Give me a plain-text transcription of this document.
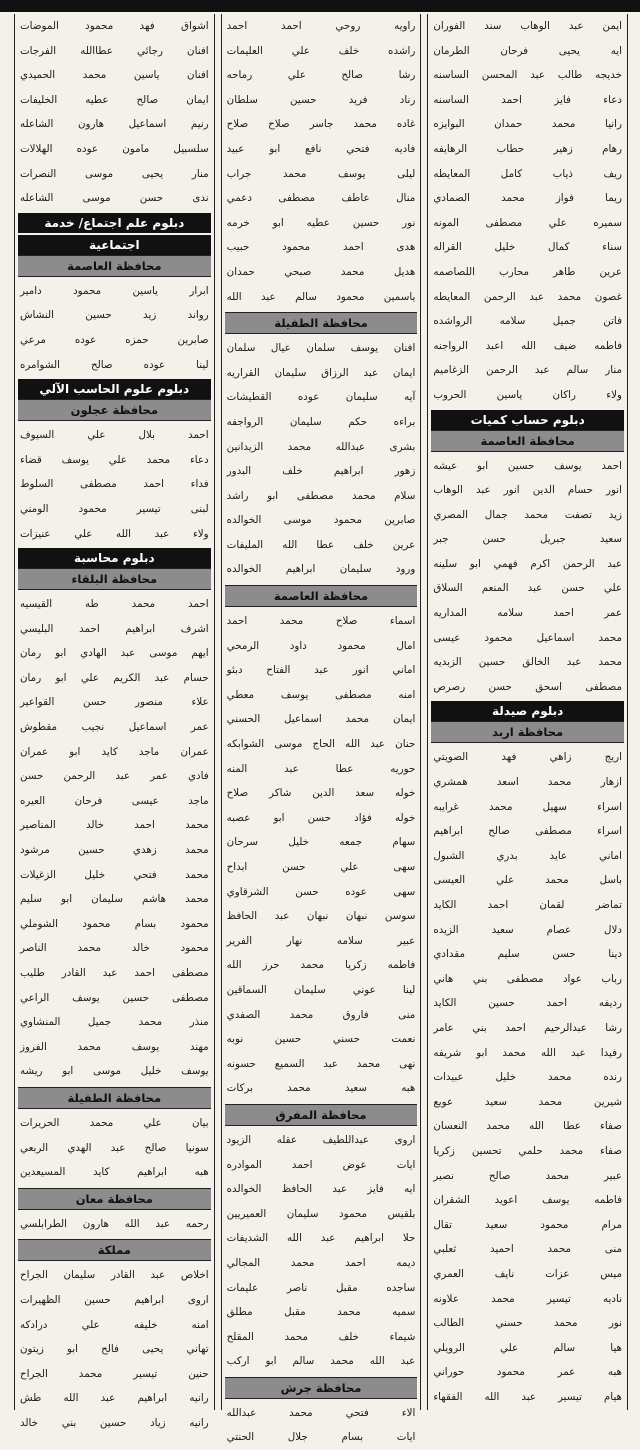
ايمن عبد الوهاب سند الفوران
ايه يحيى فرحان الطرمان
خديجه طالب عبد المحسن الساسنه
دعاء فايز احمد الساسنه
رانيا محمد حمدان البوايزه
رهام زهير حطاب الرهايفه
ريف ذياب كامل المعايطه
ريما فواز محمد الصمادي
سميره علي مصطفى المونه
سناء كمال خليل القراله
عرين طاهر محارب اللصاصمه
غصون محمد عبد الرحمن المعايطه
فاتن جميل سلامه الرواشده
فاطمه ضيف الله اعبد الرواجنه
منار سالم عبد الرحمن الزغاميم
ولاء راكان ياسين الحروب
دبلوم حساب كميات
محافظة العاصمة
احمد يوسف حسين ابو عيشه
انور حسام الدين انور عبد الوهاب
زيد تصفت محمد جمال المصري
سعيد جبريل حسن جبر
عبد الرحمن اكرم فهمي ابو سلينه
علي حسن عبد المنعم السلاق
عمر احمد سلامه المداريه
محمد اسماعيل محمود عيسى
محمد عبد الخالق حسين الزبديه
مصطفى اسحق حسن رصرص
دبلوم صيدلة
محافظة اربد
اريج زاهي فهد الصويتي
ازهار محمد اسعد همشري
اسراء سهيل محمد غرايبه
اسراء مصطفى صالح ابراهيم
اماني عايد بدري الشبول
باسل محمد علي العيسى
تماضر لقمان احمد الكايد
دلال عصام سعيد الزيده
دينا حسن سليم مقدادي
رباب عواد مصطفى بني هاني
رديفه احمد حسين الكايد
رشا عبدالرحيم احمد بني عامر
رفيدا عبد الله محمد ابو شريفه
رنده محمد خليل عبيدات
شيرين محمد سعيد عويع
صفاء عطا الله محمد النعسان
صفاء محمد حلمي تحسين زكريا
عبير محمد صالح نصير
فاطمه يوسف اعويد الشقران
مرام محمود سعيد تقال
منى محمد احميد ثعلبي
ميس عزات نايف العمري
ناديه تيسير محمد علاونه
نور محمد حسني الطالب
هيا سالم علي الرويلي
هبه عمر محمود حوراني
هيام تيسير عبد الله الفقهاء
راويه روحي احمد احمد
راشده خلف علي العليمات
رشا صالح علي رماحه
رناد فريد حسين سلطان
غاده محمد جاسر صلاح صلاح
فاديه فتحي نافع ابو عبيد
ليلى يوسف محمد جراب
منال عاطف مصطفى دعمي
نور حسين عطيه ابو خرمه
هدى احمد محمود حبيب
هديل محمد صبحي حمدان
ياسمين محمود سالم عبد الله
محافظة الطفيلة
افنان يوسف سلمان عيال سلمان
ايمان عبد الرزاق سليمان القراريه
آيه سليمان عوده القطيشات
براءه حكم سليمان الرواجفه
بشرى عبدالله محمد الزيدانين
زهور ابراهيم خلف البدور
سلام محمد مصطفى ابو راشد
صابرين محمود موسى الخوالده
عرين خلف عطا الله المليفات
ورود سليمان ابراهيم الخوالده
محافظة العاصمة
اسماء صلاح محمد احمد
امال محمود داود الرمحي
اماني انور عبد الفتاح دبئو
امنه مصطفى يوسف معطي
ايمان محمد اسماعيل الحسني
حنان عبد الله الحاج موسى الشوابكه
حوريه عطا عبد المنه
خوله سعد الدين شاكر صلاح
خوله فؤاد حسن ابو عصبه
سهام جمعه خليل سرحان
سهى علي حسن ابداح
سهى عوده حسن الشرقاوي
سوسن نبهان نبهان عبد الحافظ
عبير سلامه نهار الفرير
فاطمه زكريا محمد حرز الله
لينا عوني سليمان السماقين
منى فاروق محمد الصفدي
نعمت حسني حسين نوبه
نهى محمد عبد السميع حسونه
هبه سعيد محمد بركات
محافظة المفرق
اروى عبداللطيف عقله الزيود
ايات عوض احمد الموادره
ايه فايز عبد الحافظ الخوالده
بلقيس محمود سليمان العميريين
حلا ابراهيم عبد الله الشديفات
ديمه احمد محمد المجالي
ساجده مقبل ناصر عليمات
سميه محمد مقبل مطلق
شيماء خلف محمد المقلح
عبد الله محمد سالم ابو اركب
محافظة جرش
الاء فتحي محمد عبدالله
ايات بسام جلال الحنتي
اشواق فهد محمود الموضات
افنان رجائي عطاالله الفرجات
افنان ياسين محمد الحميدي
ايمان صالح عطيه الخليفات
رنيم اسماعيل هارون الشاعله
سلسبيل مامون عوده الهلالات
منار يحيى موسى النصرات
ندى حسن موسى الشاعله
دبلوم علم اجتماع/ خدمة
اجتماعية
محافظة العاصمة
ابرار ياسين محمود دامير
رواند زيد حسين النشاش
صابرين حمزه عوده مرعي
لينا عوده صالح الشوامره
دبلوم علوم الحاسب الآلي
محافظة عجلون
احمد بلال علي السيوف
دعاء محمد علي يوسف قضاء
فداء احمد مصطفى السلوط
لبنى تيسير محمود الومني
ولاء عبد الله علي عنيزات
دبلوم محاسبة
محافظة البلقاء
احمد محمد طه القيسيه
اشرف ابراهيم احمد البليسي
ايهم موسى عبد الهادي ابو رمان
حسام عبد الكريم علي ابو رمان
علاء منصور حسن القواعير
عمر اسماعيل نجيب مقطوش
عمران ماجد كايد ابو عمران
فادي عمر عبد الرحمن حسن
ماجد عيسى فرحان العيره
محمد احمد خالد المناصير
محمد زهدي حسين مرشود
محمد فتحي خليل الزغيلات
محمد هاشم سليمان ابو سليم
محمود بسام محمود الشوملي
محمود خالد محمد الناصر
مصطفى احمد عبد القادر طليب
مصطفى حسين يوسف الراعي
منذر محمد جميل المنشاوي
مهند يوسف محمد الفروز
يوسف خليل موسى ابو ريشه
محافظة الطفيلة
بيان علي محمد الحريرات
سونيا صالح عبد الهدي الربعي
هبه ابراهيم كايد المسيعدين
محافظة معان
رحمه عبد الله هارون الطرابلسي
مملكة
اخلاص عبد القادر سليمان الجراح
اروى ابراهيم حسين الظهيرات
امنه خليفه علي درادكه
تهاني يحيى فالح ابو زيتون
حنين تيسير محمد الجراح
رانيه ابراهيم عبد الله طش
رانيه زياد حسين بني خالد
